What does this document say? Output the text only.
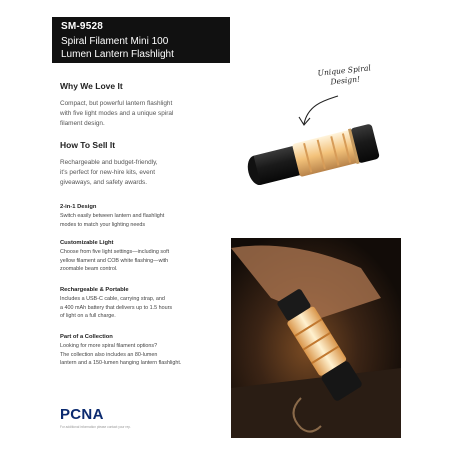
SM-9528
Spiral Filament Mini 100
Lumen Lantern Flashlight
Why We Love It
Compact, but powerful lantern flashlight
with five light modes and a unique spiral
filament design.
How To Sell It
Rechargeable and budget-friendly,
it's perfect for new-hire kits, event
giveaways, and safety awards.
2-in-1 Design
Switch easily between lantern and flashlight
modes to match your lighting needs
Customizable Light
Choose from five light settings—including soft
yellow filament and COB white flashing—with
zoomable beam control.
Rechargeable & Portable
Includes a USB-C cable, carrying strap, and
a 400 mAh battery that delivers up to 1.5 hours
of light on a full charge.
Part of a Collection
Looking for more spiral filament options?
The collection also includes an 80-lumen
lantern and a 150-lumen hanging lantern flashlight.
Unique Spiral
Design!
PCNA
For additional information please contact your rep.
